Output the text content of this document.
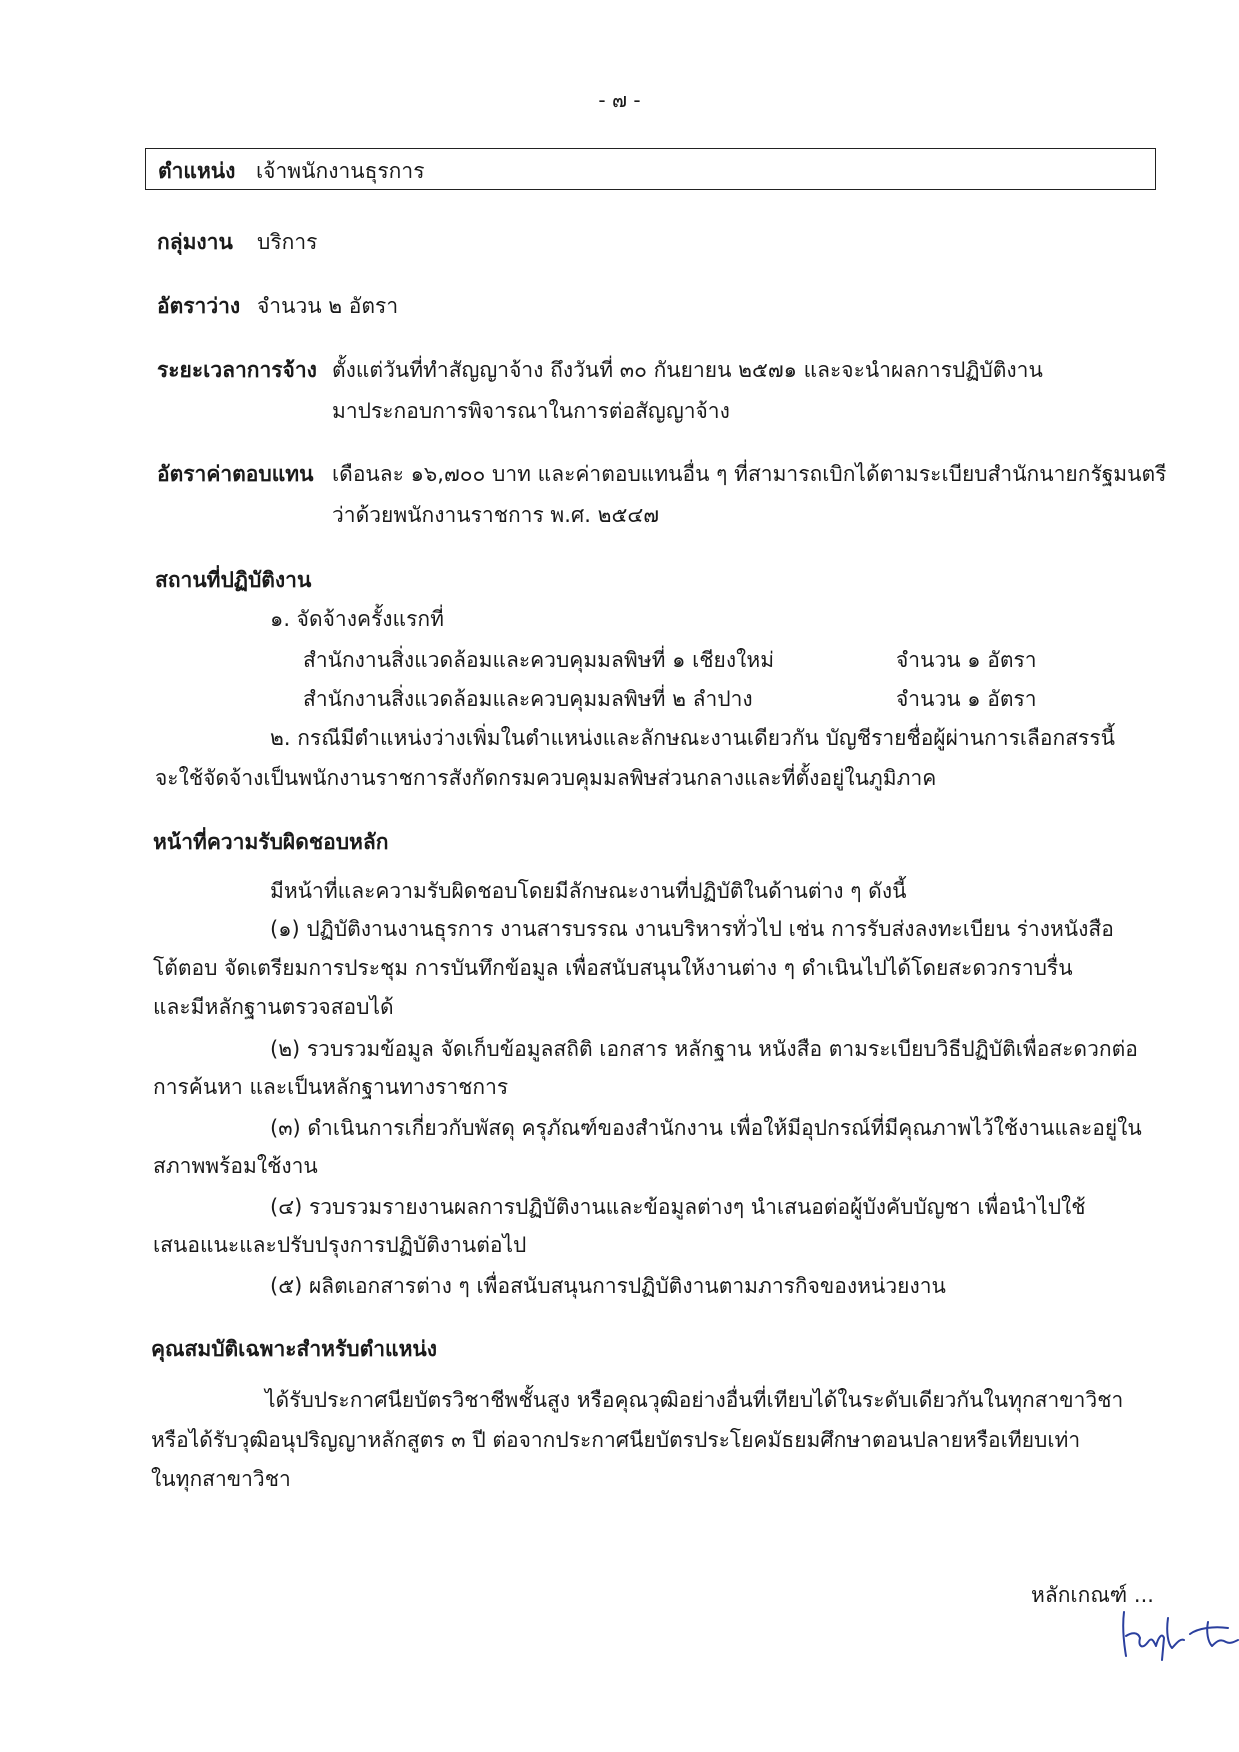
- ๗ -
ตำแหน่ง เจ้าพนักงานธุรการ
กลุ่มงาน บริการ
อัตราว่าง จำนวน ๒ อัตรา
ระยะเวลาการจ้าง ตั้งแต่วันที่ทำสัญญาจ้าง ถึงวันที่ ๓๐ กันยายน ๒๕๗๑ และจะนำผลการปฏิบัติงาน
มาประกอบการพิจารณาในการต่อสัญญาจ้าง
อัตราค่าตอบแทน เดือนละ ๑๖,๗๐๐ บาท และค่าตอบแทนอื่น ๆ ที่สามารถเบิกได้ตามระเบียบสำนักนายกรัฐมนตรี
ว่าด้วยพนักงานราชการ พ.ศ. ๒๕๔๗
สถานที่ปฏิบัติงาน
๑. จัดจ้างครั้งแรกที่
สำนักงานสิ่งแวดล้อมและควบคุมมลพิษที่ ๑ เชียงใหม่	จำนวน ๑ อัตรา
สำนักงานสิ่งแวดล้อมและควบคุมมลพิษที่ ๒ ลำปาง	จำนวน ๑ อัตรา
๒. กรณีมีตำแหน่งว่างเพิ่มในตำแหน่งและลักษณะงานเดียวกัน บัญชีรายชื่อผู้ผ่านการเลือกสรรนี้
จะใช้จัดจ้างเป็นพนักงานราชการสังกัดกรมควบคุมมลพิษส่วนกลางและที่ตั้งอยู่ในภูมิภาค
หน้าที่ความรับผิดชอบหลัก
มีหน้าที่และความรับผิดชอบโดยมีลักษณะงานที่ปฏิบัติในด้านต่าง ๆ ดังนี้
(๑) ปฏิบัติงานงานธุรการ งานสารบรรณ งานบริหารทั่วไป เช่น การรับส่งลงทะเบียน ร่างหนังสือ
โต้ตอบ จัดเตรียมการประชุม การบันทึกข้อมูล เพื่อสนับสนุนให้งานต่าง ๆ ดำเนินไปได้โดยสะดวกราบรื่น
และมีหลักฐานตรวจสอบได้
(๒) รวบรวมข้อมูล จัดเก็บข้อมูลสถิติ เอกสาร หลักฐาน หนังสือ ตามระเบียบวิธีปฏิบัติเพื่อสะดวกต่อ
การค้นหา และเป็นหลักฐานทางราชการ
(๓) ดำเนินการเกี่ยวกับพัสดุ ครุภัณฑ์ของสำนักงาน เพื่อให้มีอุปกรณ์ที่มีคุณภาพไว้ใช้งานและอยู่ใน
สภาพพร้อมใช้งาน
(๔) รวบรวมรายงานผลการปฏิบัติงานและข้อมูลต่างๆ นำเสนอต่อผู้บังคับบัญชา เพื่อนำไปใช้
เสนอแนะและปรับปรุงการปฏิบัติงานต่อไป
(๕) ผลิตเอกสารต่าง ๆ เพื่อสนับสนุนการปฏิบัติงานตามภารกิจของหน่วยงาน
คุณสมบัติเฉพาะสำหรับตำแหน่ง
ได้รับประกาศนียบัตรวิชาชีพชั้นสูง หรือคุณวุฒิอย่างอื่นที่เทียบได้ในระดับเดียวกันในทุกสาขาวิชา
หรือได้รับวุฒิอนุปริญญาหลักสูตร ๓ ปี ต่อจากประกาศนียบัตรประโยคมัธยมศึกษาตอนปลายหรือเทียบเท่า
ในทุกสาขาวิชา
หลักเกณฑ์ ...
